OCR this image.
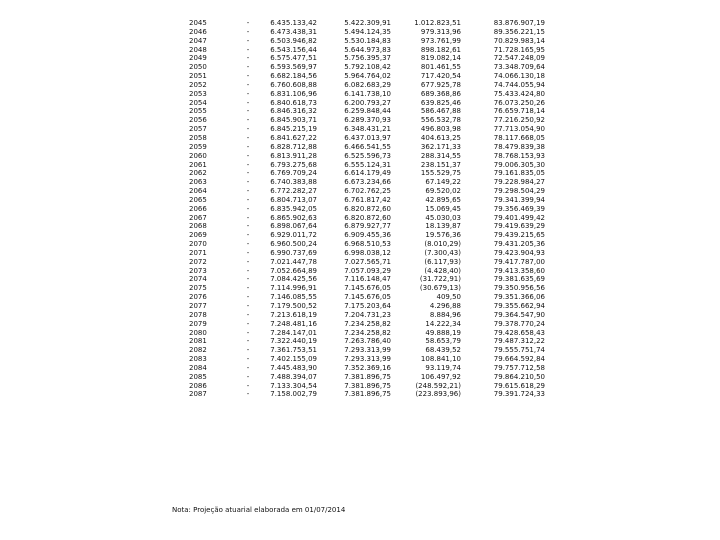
2045	-	6.435.133,42	5.422.309,91	1.012.823,51	83.876.907,19
2046	-	6.473.438,31	5.494.124,35	979.313,96	89.356.221,15
2047	-	6.503.946,82	5.530.184,83	973.761,99	70.829.983,14
2048	-	6.543.156,44	5.644.973,83	898.182,61	71.728.165,95
2049	-	6.575.477,51	5.756.395,37	819.082,14	72.547.248,09
2050	-	6.593.569,97	5.792.108,42	801.461,55	73.348.709,64
2051	-	6.682.184,56	5.964.764,02	717.420,54	74.066.130,18
2052	-	6.760.608,88	6.082.683,29	677.925,78	74.744.055,94
2053	-	6.831.106,96	6.141.738,10	689.368,86	75.433.424,80
2054	-	6.840.618,73	6.200.793,27	639.825,46	76.073.250,26
2055	-	6.846.316,32	6.259.848,44	586.467,88	76.659.718,14
2056	-	6.845.903,71	6.289.370,93	556.532,78	77.216.250,92
2057	-	6.845.215,19	6.348.431,21	496.803,98	77.713.054,90
2058	-	6.841.627,22	6.437.013,97	404.613,25	78.117.668,05
2059	-	6.828.712,88	6.466.541,55	362.171,33	78.479.839,38
2060	-	6.813.911,28	6.525.596,73	288.314,55	78.768.153,93
2061	-	6.793.275,68	6.555.124,31	238.151,37	79.006.305,30
2062	-	6.769.709,24	6.614.179,49	155.529,75	79.161.835,05
2063	-	6.740.383,88	6.673.234,66	67.149,22	79.228.984,27
2064	-	6.772.282,27	6.702.762,25	69.520,02	79.298.504,29
2065	-	6.804.713,07	6.761.817,42	42.895,65	79.341.399,94
2066	-	6.835.942,05	6.820.872,60	15.069,45	79.356.469,39
2067	-	6.865.902,63	6.820.872,60	45.030,03	79.401.499,42
2068	-	6.898.067,64	6.879.927,77	18.139,87	79.419.639,29
2069	-	6.929.011,72	6.909.455,36	19.576,36	79.439.215,65
2070	-	6.960.500,24	6.968.510,53	(8.010,29)	79.431.205,36
2071	-	6.990.737,69	6.998.038,12	(7.300,43)	79.423.904,93
2072	-	7.021.447,78	7.027.565,71	(6.117,93)	79.417.787,00
2073	-	7.052.664,89	7.057.093,29	(4.428,40)	79.413.358,60
2074	-	7.084.425,56	7.116.148,47	(31.722,91)	79.381.635,69
2075	-	7.114.996,91	7.145.676,05	(30.679,13)	79.350.956,56
2076	-	7.146.085,55	7.145.676,05	409,50	79.351.366,06
2077	-	7.179.500,52	7.175.203,64	4.296,88	79.355.662,94
2078	-	7.213.618,19	7.204.731,23	8.884,96	79.364.547,90
2079	-	7.248.481,16	7.234.258,82	14.222,34	79.378.770,24
2080	-	7.284.147,01	7.234.258,82	49.888,19	79.428.658,43
2081	-	7.322.440,19	7.263.786,40	58.653,79	79.487.312,22
2082	-	7.361.753,51	7.293.313,99	68.439,52	79.555.751,74
2083	-	7.402.155,09	7.293.313,99	108.841,10	79.664.592,84
2084	-	7.445.483,90	7.352.369,16	93.119,74	79.757.712,58
2085	-	7.488.394,07	7.381.896,75	106.497,92	79.864.210,50
2086	-	7.133.304,54	7.381.896,75	(248.592,21)	79.615.618,29
2087	-	7.158.002,79	7.381.896,75	(223.893,96)	79.391.724,33
Nota: Projeção atuarial elaborada em 01/07/2014
